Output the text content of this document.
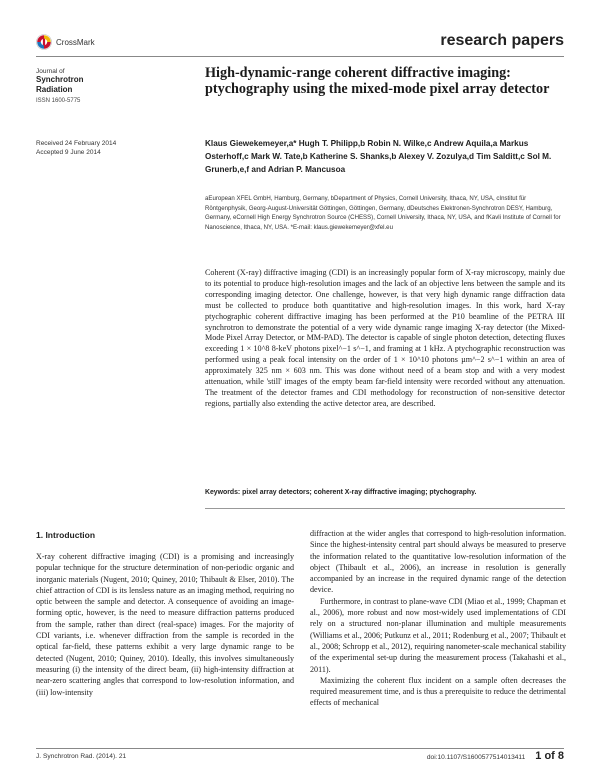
CrossMark	research papers
Journal of
Synchrotron
Radiation
ISSN 1600-5775
Received 24 February 2014
Accepted 9 June 2014
High-dynamic-range coherent diffractive imaging: ptychography using the mixed-mode pixel array detector
Klaus Giewekemeyer,a* Hugh T. Philipp,b Robin N. Wilke,c Andrew Aquila,a Markus Osterhoff,c Mark W. Tate,b Katherine S. Shanks,b Alexey V. Zozulya,d Tim Salditt,c Sol M. Grunerb,e,f and Adrian P. Mancusoa
aEuropean XFEL GmbH, Hamburg, Germany, bDepartment of Physics, Cornell University, Ithaca, NY, USA, cInstitut für Röntgenphysik, Georg-August-Universität Göttingen, Göttingen, Germany, dDeutsches Elektronen-Synchrotron DESY, Hamburg, Germany, eCornell High Energy Synchrotron Source (CHESS), Cornell University, Ithaca, NY, USA, and fKavli Institute of Cornell for Nanoscience, Ithaca, NY, USA. *E-mail: klaus.giewekemeyer@xfel.eu
Coherent (X-ray) diffractive imaging (CDI) is an increasingly popular form of X-ray microscopy, mainly due to its potential to produce high-resolution images and the lack of an objective lens between the sample and its corresponding imaging detector. One challenge, however, is that very high dynamic range diffraction data must be collected to produce both quantitative and high-resolution images. In this work, hard X-ray ptychographic coherent diffractive imaging has been performed at the P10 beamline of the PETRA III synchrotron to demonstrate the potential of a very wide dynamic range imaging X-ray detector (the Mixed-Mode Pixel Array Detector, or MM-PAD). The detector is capable of single photon detection, detecting fluxes exceeding 1 × 10^8 8-keV photons pixel^−1 s^−1, and framing at 1 kHz. A ptychographic reconstruction was performed using a peak focal intensity on the order of 1 × 10^10 photons µm^−2 s^−1 within an area of approximately 325 nm × 603 nm. This was done without need of a beam stop and with a very modest attenuation, while 'still' images of the empty beam far-field intensity were recorded without any attenuation. The treatment of the detector frames and CDI methodology for reconstruction of non-sensitive detector regions, partially also extending the active detector area, are described.
Keywords: pixel array detectors; coherent X-ray diffractive imaging; ptychography.
1. Introduction
X-ray coherent diffractive imaging (CDI) is a promising and increasingly popular technique for the structure determination of non-periodic organic and inorganic materials (Nugent, 2010; Quiney, 2010; Thibault & Elser, 2010). The chief attraction of CDI is its lensless nature as an imaging method, requiring no optic between the sample and detector. A consequence of avoiding an image-forming optic, however, is the need to measure diffraction patterns produced from the sample, rather than direct (real-space) images. For the majority of CDI variants, i.e. whenever diffraction from the sample is recorded in the optical far-field, these patterns exhibit a very large dynamic range to be detected (Nugent, 2010; Quiney, 2010). Ideally, this involves simultaneously measuring (i) the intensity of the direct beam, (ii) high-intensity diffraction at near-zero scattering angles that correspond to low-resolution information, and (iii) low-intensity

diffraction at the wider angles that correspond to high-resolution information. Since the highest-intensity central part should always be measured to preserve the information related to the quantitative low-resolution information of the object (Thibault et al., 2006), an increase in resolution is generally accompanied by an increase in the required dynamic range of the detection device.

Furthermore, in contrast to plane-wave CDI (Miao et al., 1999; Chapman et al., 2006), more robust and now most-widely used implementations of CDI rely on a structured non-planar illumination and multiple measurements (Williams et al., 2006; Putkunz et al., 2011; Rodenburg et al., 2007; Thibault et al., 2008; Schropp et al., 2012), requiring nanometer-scale mechanical stability of the experimental set-up during the measurement process (Takahashi et al., 2011).

Maximizing the coherent flux incident on a sample often decreases the required measurement time, and is thus a prerequisite to reduce the detrimental effects of mechanical

J. Synchrotron Rad. (2014). 21	doi:10.1107/S1600577514013411 1 of 8
